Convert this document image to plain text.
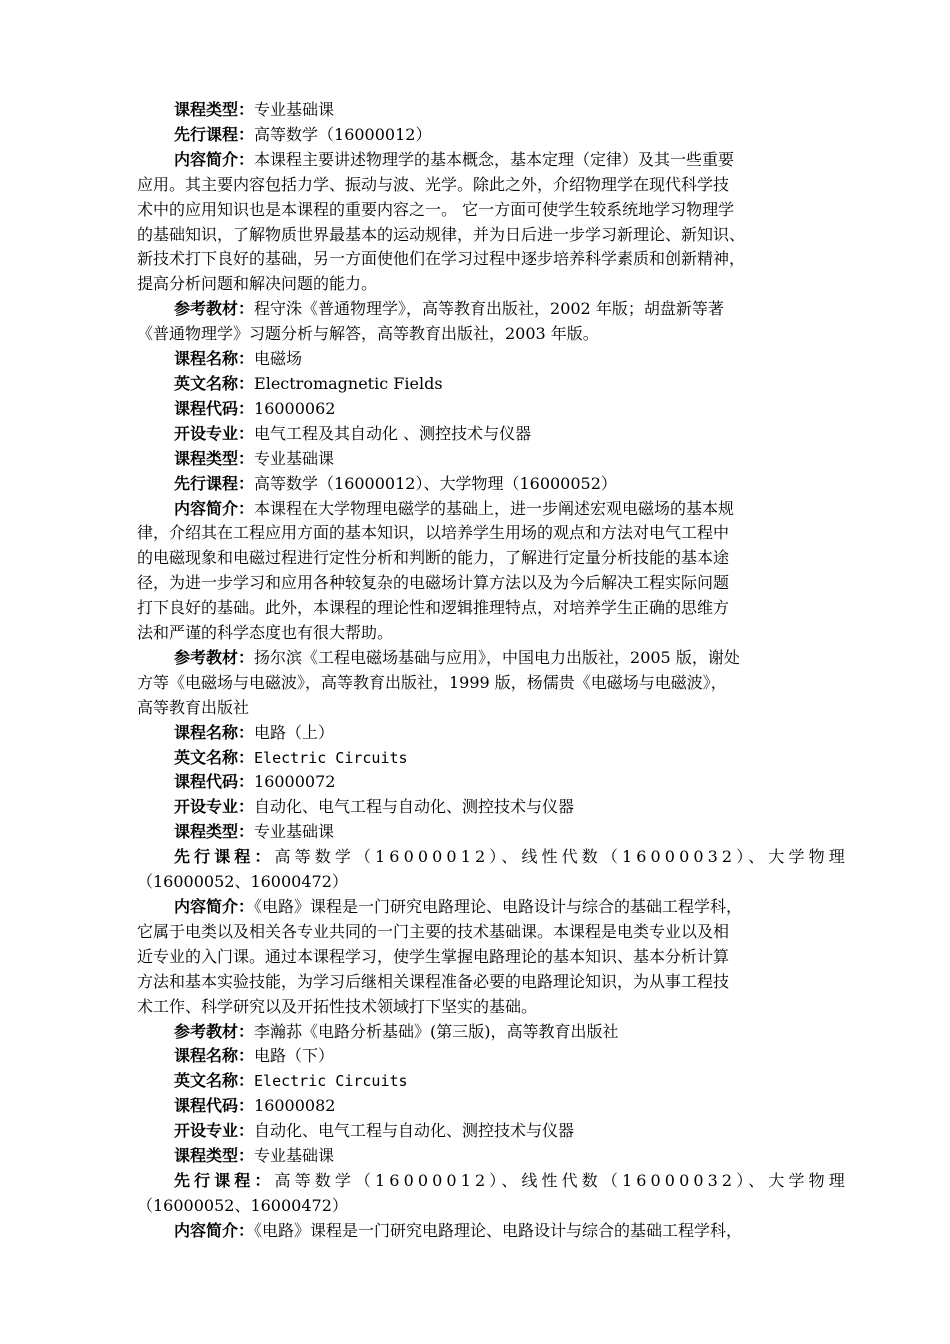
课程类型：专业基础课
先行课程：高等数学（16000012）
内容简介：本课程主要讲述物理学的基本概念，基本定理（定律）及其一些重要
应用。其主要内容包括力学、振动与波、光学。除此之外，介绍物理学在现代科学技
术中的应用知识也是本课程的重要内容之一。 它一方面可使学生较系统地学习物理学
的基础知识，了解物质世界最基本的运动规律，并为日后进一步学习新理论、新知识、
新技术打下良好的基础，另一方面使他们在学习过程中逐步培养科学素质和创新精神，
提高分析问题和解决问题的能力。
参考教材：程守洙《普通物理学》，高等教育出版社，2002 年版；胡盘新等著
《普通物理学》习题分析与解答，高等教育出版社，2003 年版。
课程名称：电磁场
英文名称：Electromagnetic Fields
课程代码：16000062
开设专业：电气工程及其自动化 、测控技术与仪器
课程类型：专业基础课
先行课程：高等数学（16000012）、大学物理（16000052）
内容简介：本课程在大学物理电磁学的基础上，进一步阐述宏观电磁场的基本规
律，介绍其在工程应用方面的基本知识，以培养学生用场的观点和方法对电气工程中
的电磁现象和电磁过程进行定性分析和判断的能力，了解进行定量分析技能的基本途
径，为进一步学习和应用各种较复杂的电磁场计算方法以及为今后解决工程实际问题
打下良好的基础。此外，本课程的理论性和逻辑推理特点，对培养学生正确的思维方
法和严谨的科学态度也有很大帮助。
参考教材：扬尔滨《工程电磁场基础与应用》，中国电力出版社，2005 版，谢处
方等《电磁场与电磁波》，高等教育出版社，1999 版，杨儒贵《电磁场与电磁波》，
高等教育出版社
课程名称：电路（上）
英文名称：Electric Circuits
课程代码：16000072
开设专业：自动化、电气工程与自动化、测控技术与仪器
课程类型：专业基础课
先行课程：高等数学（16000012）、线性代数（16000032）、大学物理
（16000052、16000472）
内容简介：《电路》课程是一门研究电路理论、电路设计与综合的基础工程学科，
它属于电类以及相关各专业共同的一门主要的技术基础课。本课程是电类专业以及相
近专业的入门课。通过本课程学习，使学生掌握电路理论的基本知识、基本分析计算
方法和基本实验技能，为学习后继相关课程准备必要的电路理论知识，为从事工程技
术工作、科学研究以及开拓性技术领域打下坚实的基础。
参考教材：李瀚荪《电路分析基础》(第三版)，高等教育出版社
课程名称：电路（下）
英文名称：Electric Circuits
课程代码：16000082
开设专业：自动化、电气工程与自动化、测控技术与仪器
课程类型：专业基础课
先行课程：高等数学（16000012）、线性代数（16000032）、大学物理
（16000052、16000472）
内容简介：《电路》课程是一门研究电路理论、电路设计与综合的基础工程学科，
